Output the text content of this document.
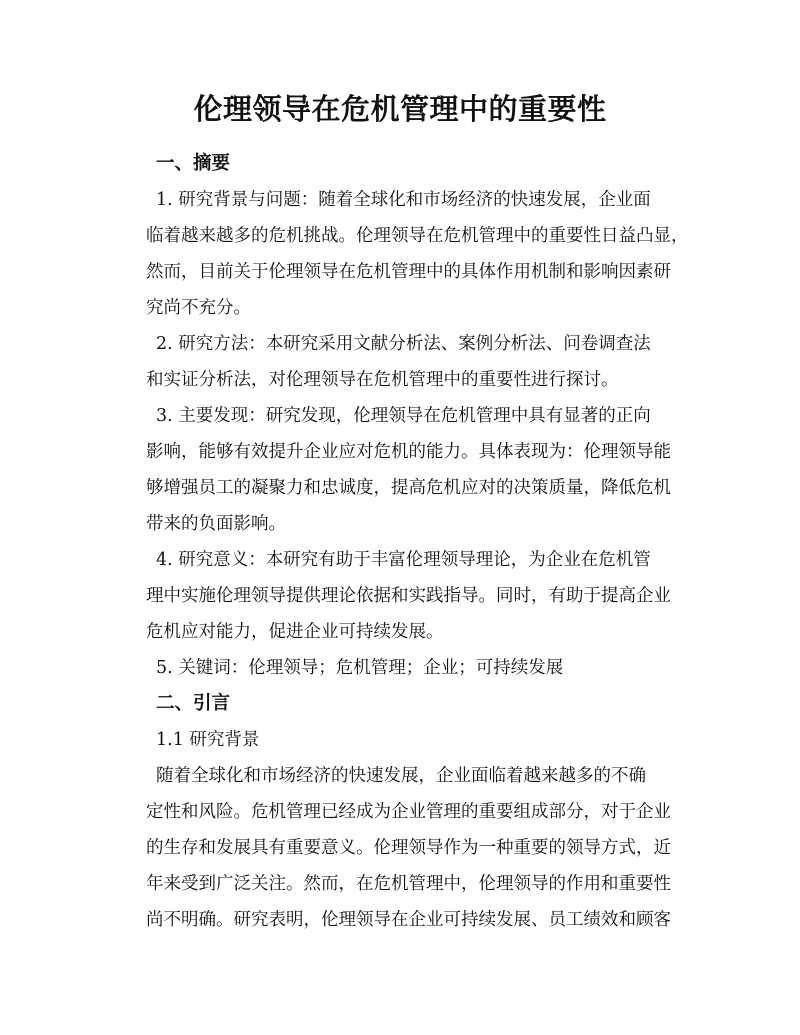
伦理领导在危机管理中的重要性
一、摘要
1. 研究背景与问题：随着全球化和市场经济的快速发展，企业面
临着越来越多的危机挑战。伦理领导在危机管理中的重要性日益凸显，
然而，目前关于伦理领导在危机管理中的具体作用机制和影响因素研
究尚不充分。
2. 研究方法：本研究采用文献分析法、案例分析法、问卷调查法
和实证分析法，对伦理领导在危机管理中的重要性进行探讨。
3. 主要发现：研究发现，伦理领导在危机管理中具有显著的正向
影响，能够有效提升企业应对危机的能力。具体表现为：伦理领导能
够增强员工的凝聚力和忠诚度，提高危机应对的决策质量，降低危机
带来的负面影响。
4. 研究意义：本研究有助于丰富伦理领导理论，为企业在危机管
理中实施伦理领导提供理论依据和实践指导。同时，有助于提高企业
危机应对能力，促进企业可持续发展。
5. 关键词：伦理领导；危机管理；企业；可持续发展
二、引言
1.1 研究背景
随着全球化和市场经济的快速发展，企业面临着越来越多的不确
定性和风险。危机管理已经成为企业管理的重要组成部分，对于企业
的生存和发展具有重要意义。伦理领导作为一种重要的领导方式，近
年来受到广泛关注。然而，在危机管理中，伦理领导的作用和重要性
尚不明确。研究表明，伦理领导在企业可持续发展、员工绩效和顾客
